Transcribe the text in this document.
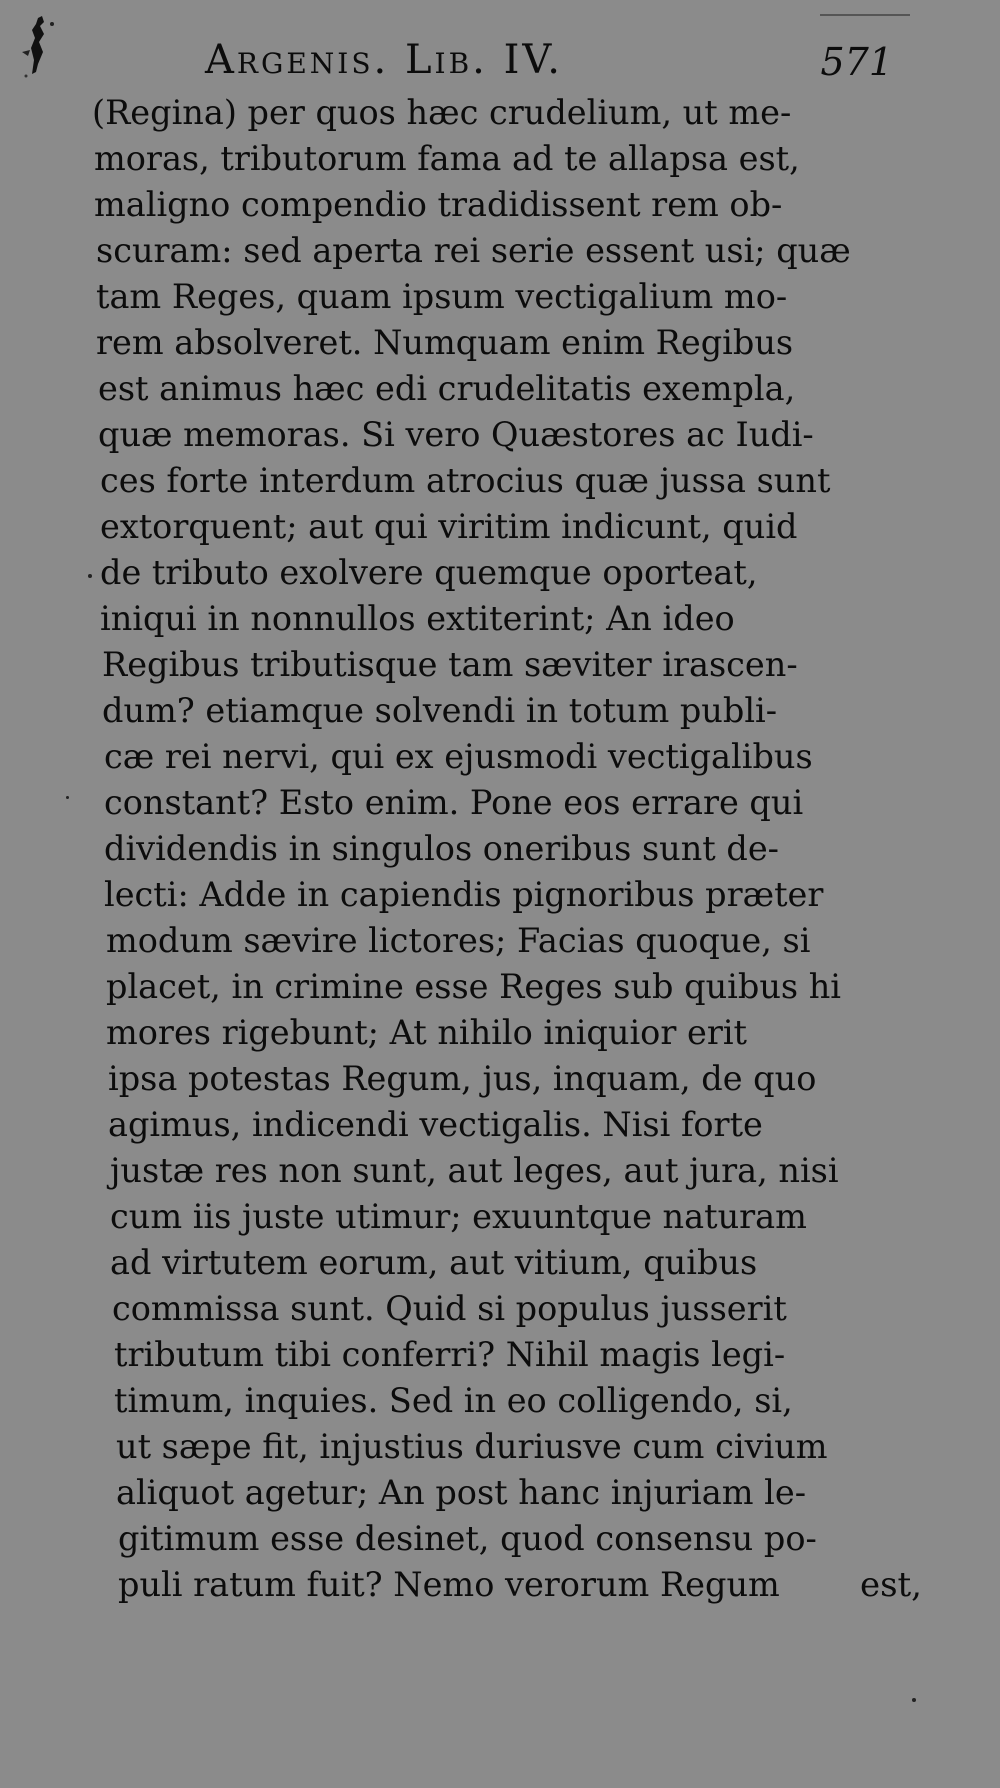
Argenis. Lib. IV.	571
(Regina) per quos hæc crudelium, ut me-
moras, tributorum fama ad te allapsa est,
maligno compendio tradidissent rem ob-
scuram: sed aperta rei serie essent usi; quæ
tam Reges, quam ipsum vectigalium mo-
rem absolveret. Numquam enim Regibus
est animus hæc edi crudelitatis exempla,
quæ memoras. Si vero Quæstores ac Iudi-
ces forte interdum atrocius quæ jussa sunt
extorquent; aut qui viritim indicunt, quid
de tributo exolvere quemque oporteat,
iniqui in nonnullos extiterint; An ideo
Regibus tributisque tam sæviter irascen-
dum? etiamque solvendi in totum publi-
cæ rei nervi, qui ex ejusmodi vectigalibus
constant? Esto enim. Pone eos errare qui
dividendis in singulos oneribus sunt de-
lecti: Adde in capiendis pignoribus præter
modum sævire lictores; Facias quoque, si
placet, in crimine esse Reges sub quibus hi
mores rigebunt; At nihilo iniquior erit
ipsa potestas Regum, jus, inquam, de quo
agimus, indicendi vectigalis. Nisi forte
justæ res non sunt, aut leges, aut jura, nisi
cum iis juste utimur; exuuntque naturam
ad virtutem eorum, aut vitium, quibus
commissa sunt. Quid si populus jusserit
tributum tibi conferri? Nihil magis legi-
timum, inquies. Sed in eo colligendo, si,
ut sæpe fit, injustius duriusve cum civium
aliquot agetur; An post hanc injuriam le-
gitimum esse desinet, quod consensu po-
puli ratum fuit? Nemo verorum Regum	est,
